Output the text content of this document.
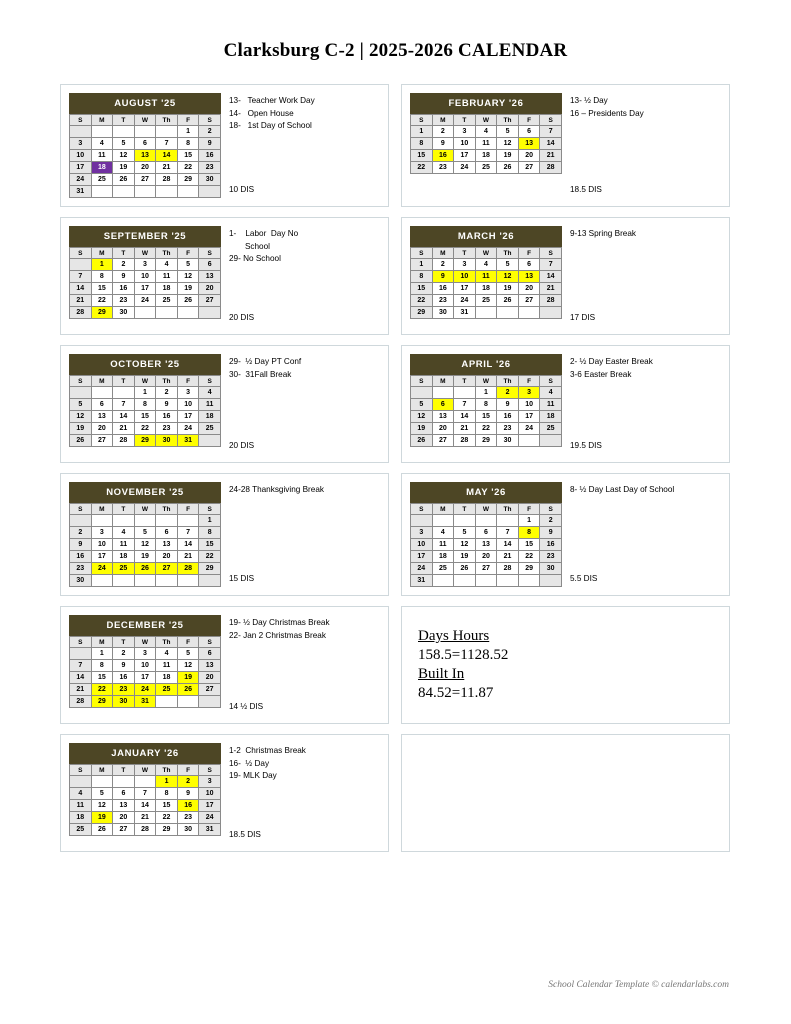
Clarksburg C-2 | 2025-2026 CALENDAR
AUGUST '25
S	M	T	W	Th	F	S
					1	2
3	4	5	6	7	8	9
10	11	12	13	14	15	16
17	18	19	20	21	22	23
24	25	26	27	28	29	30
31						
13-   Teacher Work Day
14-   Open House
18-   1st Day of School
10 DIS
FEBRUARY '26
S	M	T	W	Th	F	S
1	2	3	4	5	6	7
8	9	10	11	12	13	14
15	16	17	18	19	20	21
22	23	24	25	26	27	28
13- ½ Day
16 – Presidents Day
18.5 DIS
SEPTEMBER '25
S	M	T	W	Th	F	S
	1	2	3	4	5	6
7	8	9	10	11	12	13
14	15	16	17	18	19	20
21	22	23	24	25	26	27
28	29	30				
1-    Labor  Day No
School
29- No School
20 DIS
MARCH '26
S	M	T	W	Th	F	S
1	2	3	4	5	6	7
8	9	10	11	12	13	14
15	16	17	18	19	20	21
22	23	24	25	26	27	28
29	30	31				
9-13 Spring Break
17 DIS
OCTOBER '25
S	M	T	W	Th	F	S
			1	2	3	4
5	6	7	8	9	10	11
12	13	14	15	16	17	18
19	20	21	22	23	24	25
26	27	28	29	30	31	
29-  ½ Day PT Conf
30-  31Fall Break
20 DIS
APRIL '26
S	M	T	W	Th	F	S
			1	2	3	4
5	6	7	8	9	10	11
12	13	14	15	16	17	18
19	20	21	22	23	24	25
26	27	28	29	30		
2- ½ Day Easter Break
3-6 Easter Break
19.5 DIS
NOVEMBER '25
S	M	T	W	Th	F	S
						1
2	3	4	5	6	7	8
9	10	11	12	13	14	15
16	17	18	19	20	21	22
23	24	25	26	27	28	29
30						
24-28 Thanksgiving Break
15 DIS
MAY '26
S	M	T	W	Th	F	S
					1	2
3	4	5	6	7	8	9
10	11	12	13	14	15	16
17	18	19	20	21	22	23
24	25	26	27	28	29	30
31						
8- ½ Day Last Day of School
5.5 DIS
DECEMBER '25
S	M	T	W	Th	F	S
	1	2	3	4	5	6
7	8	9	10	11	12	13
14	15	16	17	18	19	20
21	22	23	24	25	26	27
28	29	30	31			
19- ½ Day Christmas Break
22- Jan 2 Christmas Break
14 ½ DIS
Days Hours
158.5=1128.52
Built In
84.52=11.87
JANUARY '26
S	M	T	W	Th	F	S
				1	2	3
4	5	6	7	8	9	10
11	12	13	14	15	16	17
18	19	20	21	22	23	24
25	26	27	28	29	30	31
1-2  Christmas Break
16-  ½ Day
19- MLK Day
18.5 DIS
School Calendar Template © calendarlabs.com
